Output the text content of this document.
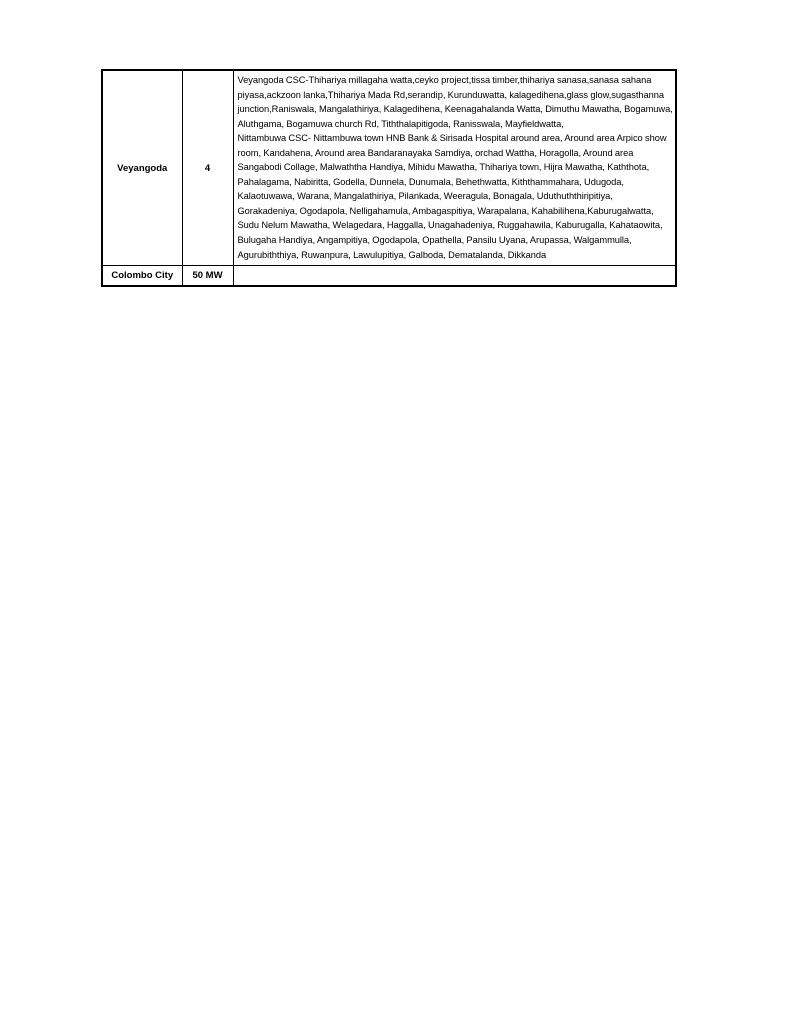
Veyangoda	4	Veyangoda CSC-Thihariya millagaha watta,ceyko project,tissa timber,thihariya sanasa,sanasa sahana piyasa,ackzoon lanka,Thihariya Mada Rd,serandip, Kurunduwatta, kalagedihena,glass glow,sugasthanna junction,Raniswala, Mangalathiriya, Kalagedihena, Keenagahalanda Watta, Dimuthu Mawatha, Bogamuwa, Aluthgama, Bogamuwa church Rd, Tiththalapitigoda, Ranisswala, Mayfieldwatta,
Nittambuwa CSC- Nittambuwa town HNB Bank & Sirisada Hospital around area, Around area Arpico show room, Kandahena, Around area Bandaranayaka Samdiya, orchad Wattha, Horagolla, Around area Sangabodi Collage, Malwaththa Handiya, Mihidu Mawatha, Thihariya town, Hijra Mawatha, Kaththota, Pahalagama, Nabiritta, Godella, Dunnela, Dunumala, Behethwatta, Kiththammahara, Udugoda, Kalaotuwawa, Warana, Mangalathiriya, Pilankada, Weeragula, Bonagala, Uduthuththiripitiya, Gorakadeniya, Ogodapola, Nelligahamula, Ambagaspitiya, Warapalana, Kahabilihena,Kaburugalwatta, Sudu Nelum Mawatha, Welagedara, Haggalla, Unagahadeniya, Ruggahawila, Kaburugalla, Kahataowita, Bulugaha Handiya, Angampitiya, Ogodapola, Opathella, Pansilu Uyana, Arupassa, Walgammulla, Agurubiththiya, Ruwanpura, Lawulupitiya, Galboda, Dematalanda, Dikkanda

Colombo City	50 MW	
